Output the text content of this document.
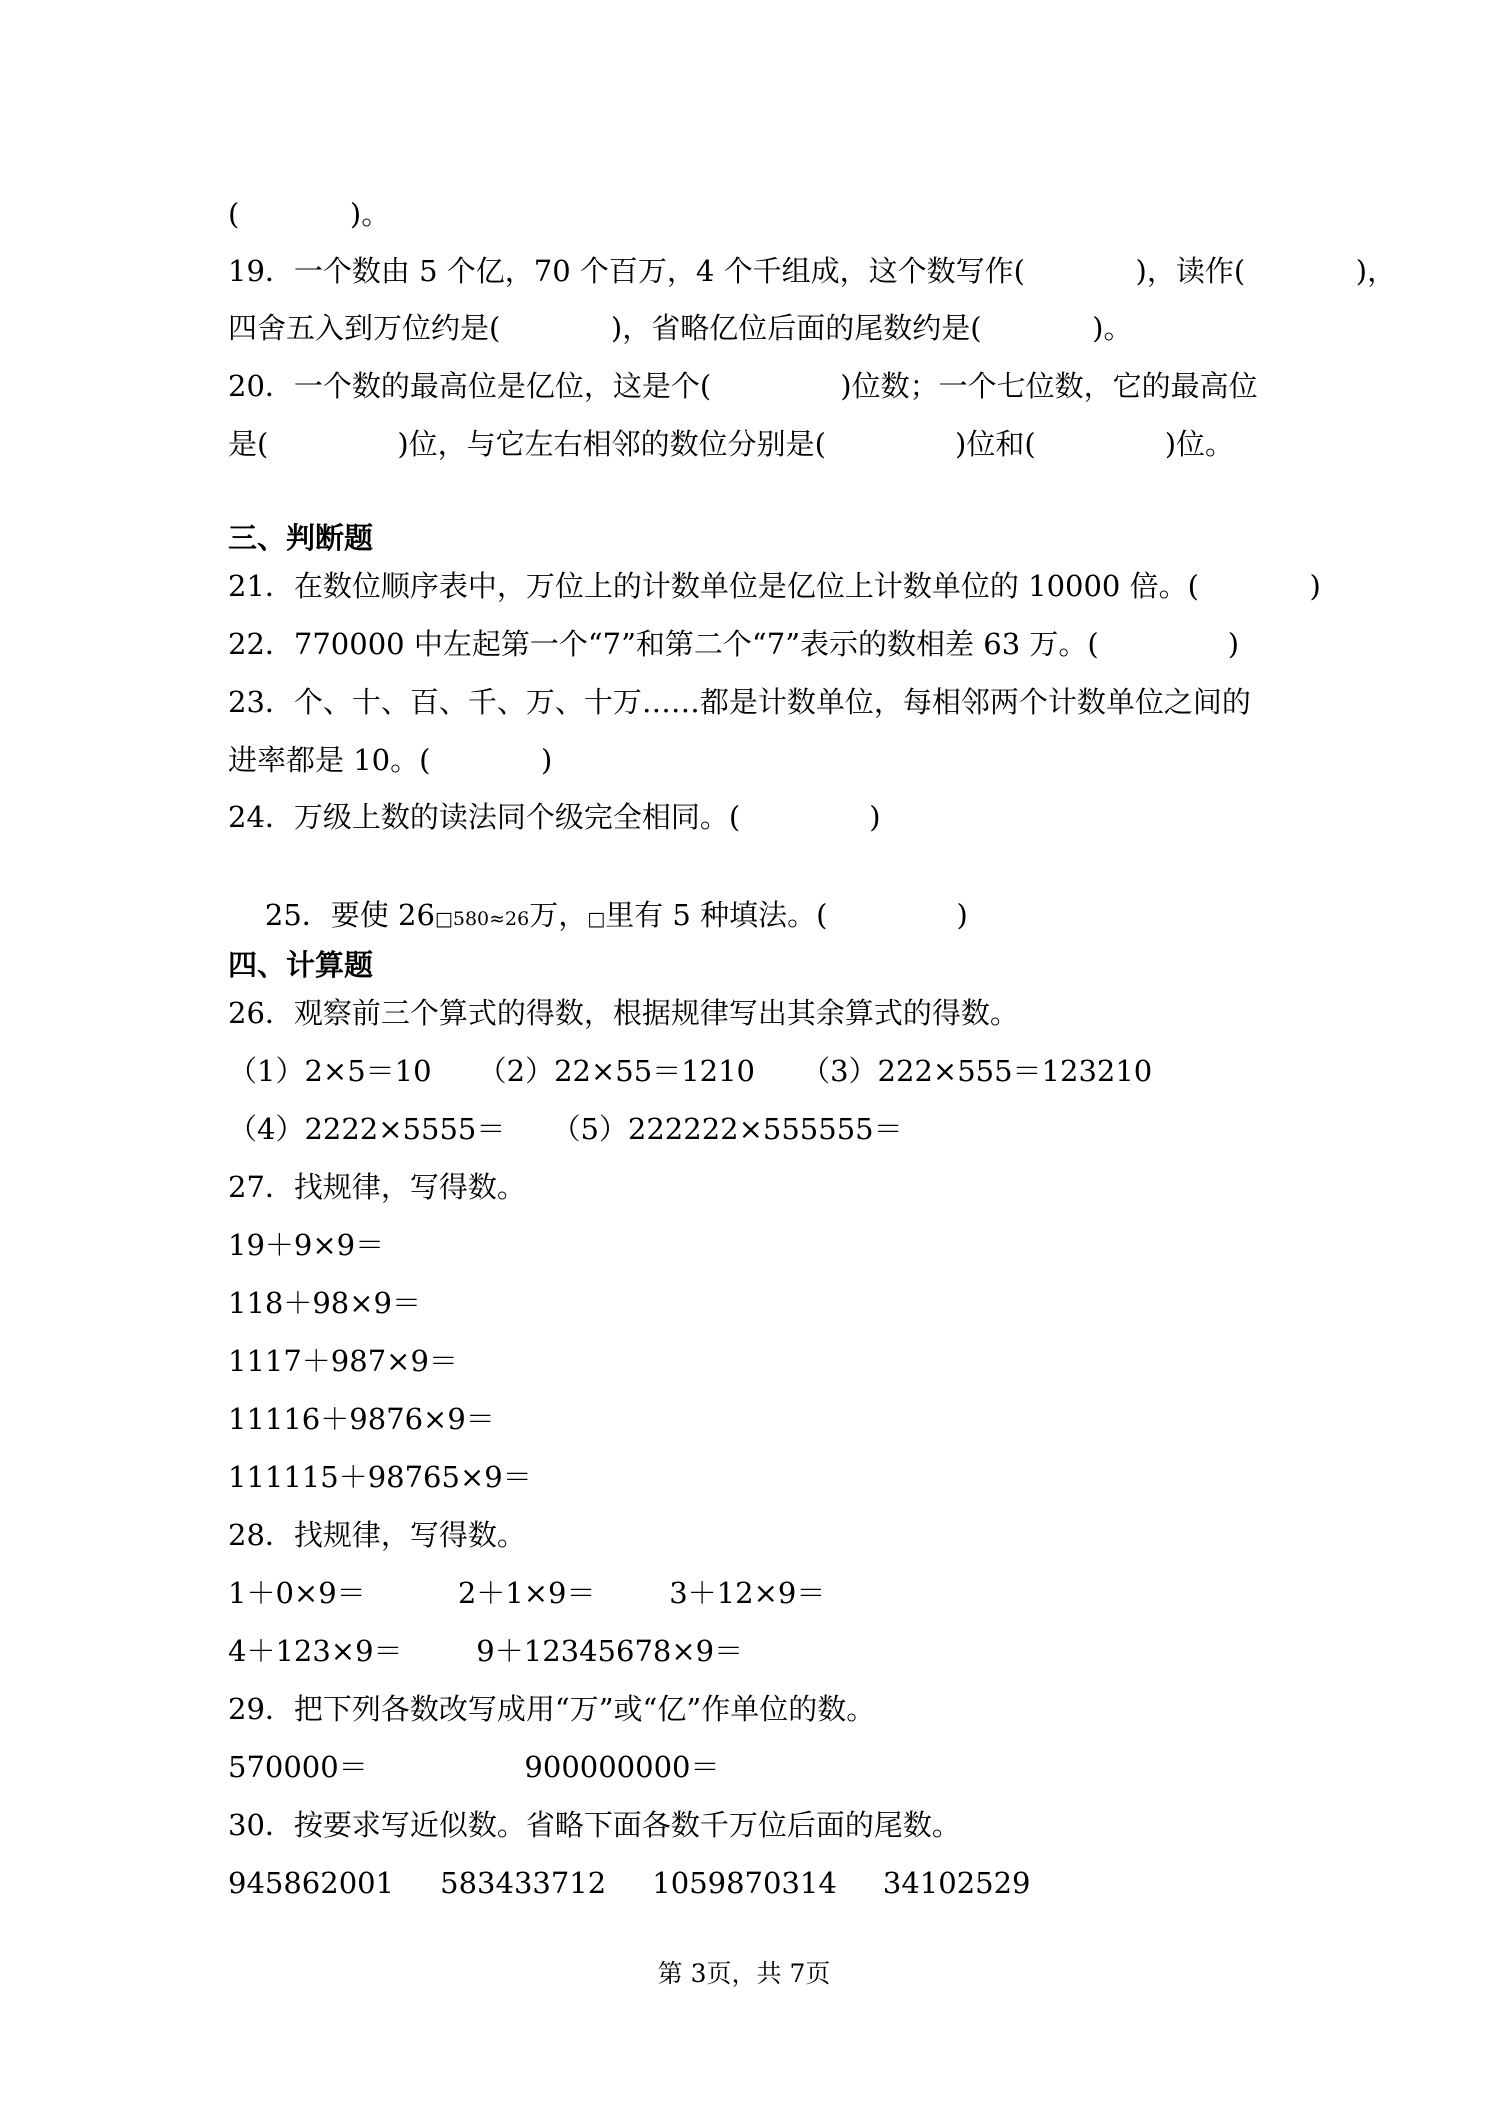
(            )。
19．一个数由 5 个亿，70 个百万，4 个千组成，这个数写作(            )，读作(            )，
四舍五入到万位约是(            )，省略亿位后面的尾数约是(            )。
20．一个数的最高位是亿位，这是个(              )位数；一个七位数，它的最高位
是(              )位，与它左右相邻的数位分别是(              )位和(              )位。
三、判断题
21．在数位顺序表中，万位上的计数单位是亿位上计数单位的 10000 倍。(            )
22．770000 中左起第一个“7”和第二个“7”表示的数相差 63 万。(              )
23．个、十、百、千、万、十万……都是计数单位，每相邻两个计数单位之间的
进率都是 10。(            )
24．万级上数的读法同个级完全相同。(              )

25．要使 26□580≈26万，□里有 5 种填法。(              )

四、计算题
26．观察前三个算式的得数，根据规律写出其余算式的得数。
（1）2×5＝10     （2）22×55＝1210     （3）222×555＝123210
（4）2222×5555＝     （5）222222×555555＝
27．找规律，写得数。
19＋9×9＝
118＋98×9＝
1117＋987×9＝
11116＋9876×9＝
111115＋98765×9＝
28．找规律，写得数。
1＋0×9＝          2＋1×9＝        3＋12×9＝
4＋123×9＝        9＋12345678×9＝
29．把下列各数改写成用“万”或“亿”作单位的数。
570000＝                 900000000＝
30．按要求写近似数。省略下面各数千万位后面的尾数。
945862001     583433712     1059870314     34102529
第 3页，共 7页
